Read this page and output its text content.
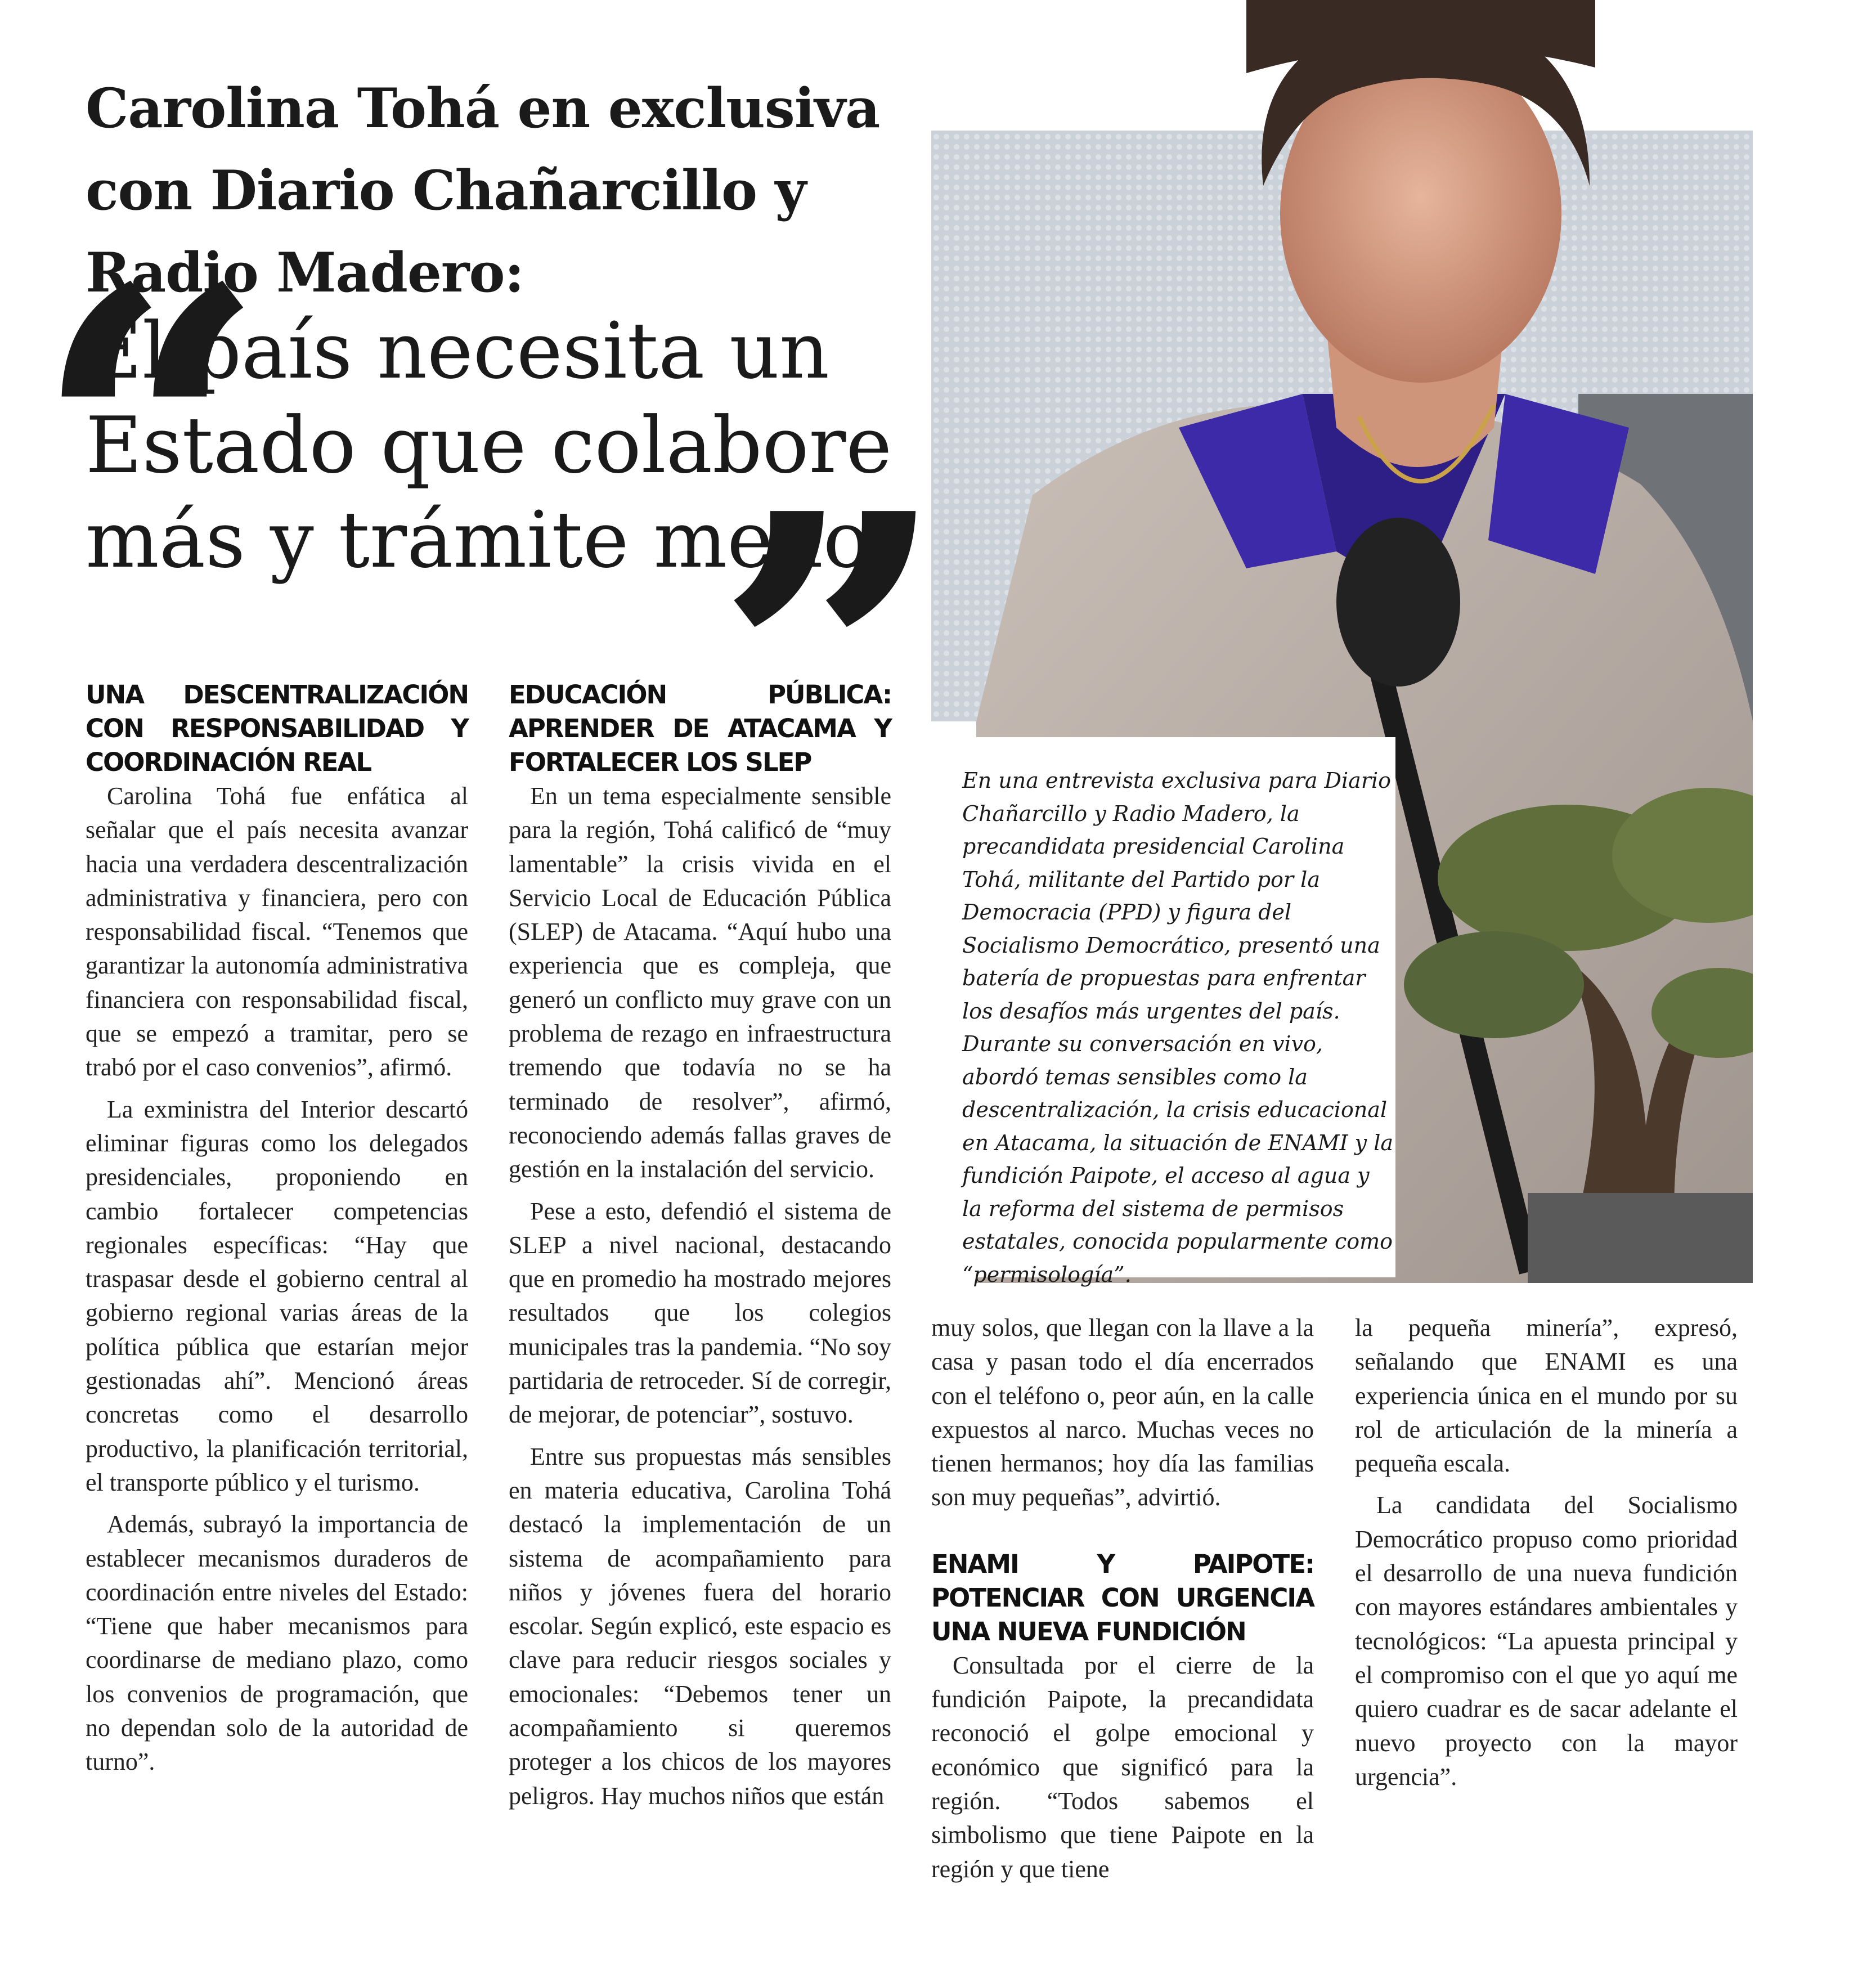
Carolina Tohá en exclusiva con Diario Chañarcillo y Radio Madero:
El país necesita un Estado que colabore más y trámite menos

En una entrevista exclusiva para Diario Chañarcillo y Radio Madero, la precandidata presidencial Carolina Tohá, militante del Partido por la Democracia (PPD) y figura del Socialismo Democrático, presentó una batería de propuestas para enfrentar los desafíos más urgentes del país. Durante su conversación en vivo, abordó temas sensibles como la descentralización, la crisis educacional en Atacama, la situación de ENAMI y la fundición Paipote, el acceso al agua y la reforma del sistema de permisos estatales, conocida popularmente como “permisología”.

UNA DESCENTRALIZACIÓN CON RESPONSABILIDAD Y COORDINACIÓN REAL

Carolina Tohá fue enfática al señalar que el país necesita avanzar hacia una verdadera descentralización administrativa y financiera, pero con responsabilidad fiscal. “Tenemos que garantizar la autonomía administrativa financiera con responsabilidad fiscal, que se empezó a tramitar, pero se trabó por el caso convenios”, afirmó.

La exministra del Interior descartó eliminar figuras como los delegados presidenciales, proponiendo en cambio fortalecer competencias regionales específicas: “Hay que traspasar desde el gobierno central al gobierno regional varias áreas de la política pública que estarían mejor gestionadas ahí”. Mencionó áreas concretas como el desarrollo productivo, la planificación territorial, el transporte público y el turismo.

Además, subrayó la importancia de establecer mecanismos duraderos de coordinación entre niveles del Estado: “Tiene que haber mecanismos para coordinarse de mediano plazo, como los convenios de programación, que no dependan solo de la autoridad de turno”.

EDUCACIÓN PÚBLICA: APRENDER DE ATACAMA Y FORTALECER LOS SLEP

En un tema especialmente sensible para la región, Tohá calificó de “muy lamentable” la crisis vivida en el Servicio Local de Educación Pública (SLEP) de Atacama. “Aquí hubo una experiencia que es compleja, que generó un conflicto muy grave con un problema de rezago en infraestructura tremendo que todavía no se ha terminado de resolver”, afirmó, reconociendo además fallas graves de gestión en la instalación del servicio.

Pese a esto, defendió el sistema de SLEP a nivel nacional, destacando que en promedio ha mostrado mejores resultados que los colegios municipales tras la pandemia. “No soy partidaria de retroceder. Sí de corregir, de mejorar, de potenciar”, sostuvo.

Entre sus propuestas más sensibles en materia educativa, Carolina Tohá destacó la implementación de un sistema de acompañamiento para niños y jóvenes fuera del horario escolar. Según explicó, este espacio es clave para reducir riesgos sociales y emocionales: “Debemos tener un acompañamiento si queremos proteger a los chicos de los mayores peligros. Hay muchos niños que están

muy solos, que llegan con la llave a la casa y pasan todo el día encerrados con el teléfono o, peor aún, en la calle expuestos al narco. Muchas veces no tienen hermanos; hoy día las familias son muy pequeñas”, advirtió.

ENAMI Y PAIPOTE: POTENCIAR CON URGENCIA UNA NUEVA FUNDICIÓN

Consultada por el cierre de la fundición Paipote, la precandidata reconoció el golpe emocional y económico que significó para la región. “Todos sabemos el simbolismo que tiene Paipote en la región y que tiene

la pequeña minería”, expresó, señalando que ENAMI es una experiencia única en el mundo por su rol de articulación de la minería a pequeña escala.

La candidata del Socialismo Democrático propuso como prioridad el desarrollo de una nueva fundición con mayores estándares ambientales y tecnológicos: “La apuesta principal y el compromiso con el que yo aquí me quiero cuadrar es de sacar adelante el nuevo proyecto con la mayor urgencia”.
